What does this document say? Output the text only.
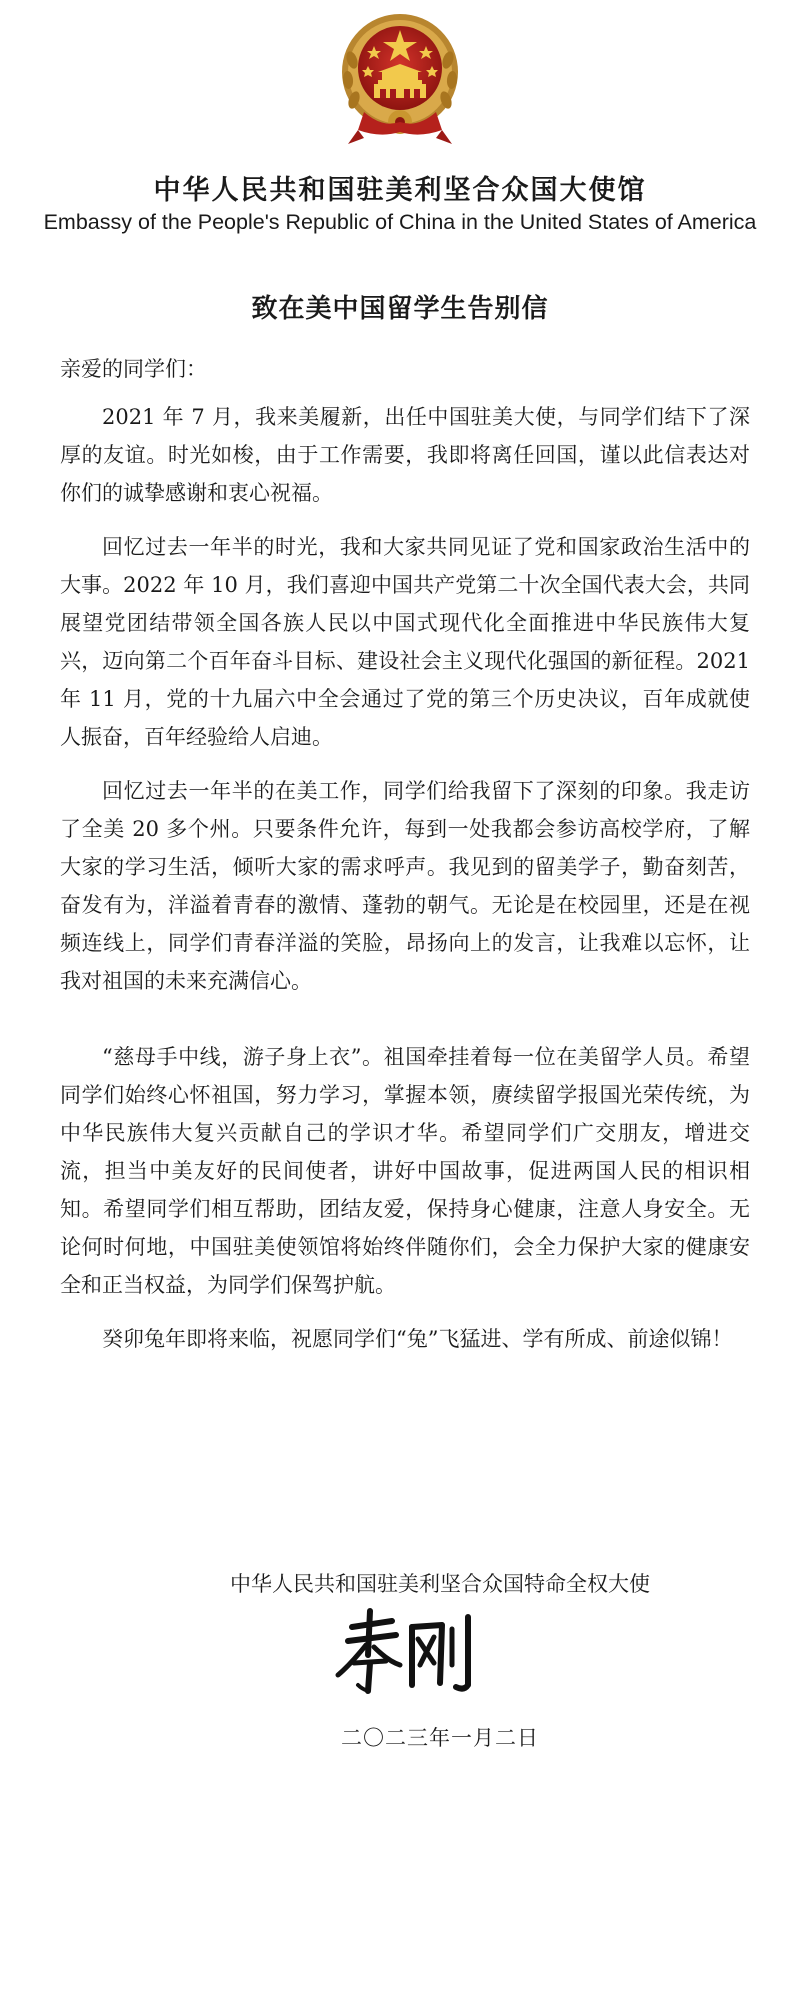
中华人民共和国驻美利坚合众国大使馆
Embassy of the People's Republic of China in the United States of America
致在美中国留学生告别信

亲爱的同学们：

2021 年 7 月，我来美履新，出任中国驻美大使，与同学们结下了深厚的友谊。时光如梭，由于工作需要，我即将离任回国，谨以此信表达对你们的诚挚感谢和衷心祝福。

回忆过去一年半的时光，我和大家共同见证了党和国家政治生活中的大事。2022 年 10 月，我们喜迎中国共产党第二十次全国代表大会，共同展望党团结带领全国各族人民以中国式现代化全面推进中华民族伟大复兴，迈向第二个百年奋斗目标、建设社会主义现代化强国的新征程。2021 年 11 月，党的十九届六中全会通过了党的第三个历史决议，百年成就使人振奋，百年经验给人启迪。

回忆过去一年半的在美工作，同学们给我留下了深刻的印象。我走访了全美 20 多个州。只要条件允许，每到一处我都会参访高校学府，了解大家的学习生活，倾听大家的需求呼声。我见到的留美学子，勤奋刻苦，奋发有为，洋溢着青春的激情、蓬勃的朝气。无论是在校园里，还是在视频连线上，同学们青春洋溢的笑脸，昂扬向上的发言，让我难以忘怀，让我对祖国的未来充满信心。

“慈母手中线，游子身上衣”。祖国牵挂着每一位在美留学人员。希望同学们始终心怀祖国，努力学习，掌握本领，赓续留学报国光荣传统，为中华民族伟大复兴贡献自己的学识才华。希望同学们广交朋友，增进交流，担当中美友好的民间使者，讲好中国故事，促进两国人民的相识相知。希望同学们相互帮助，团结友爱，保持身心健康，注意人身安全。无论何时何地，中国驻美使领馆将始终伴随你们，会全力保护大家的健康安全和正当权益，为同学们保驾护航。

癸卯兔年即将来临，祝愿同学们“兔”飞猛进、学有所成、前途似锦！

中华人民共和国驻美利坚合众国特命全权大使
二〇二三年一月二日
